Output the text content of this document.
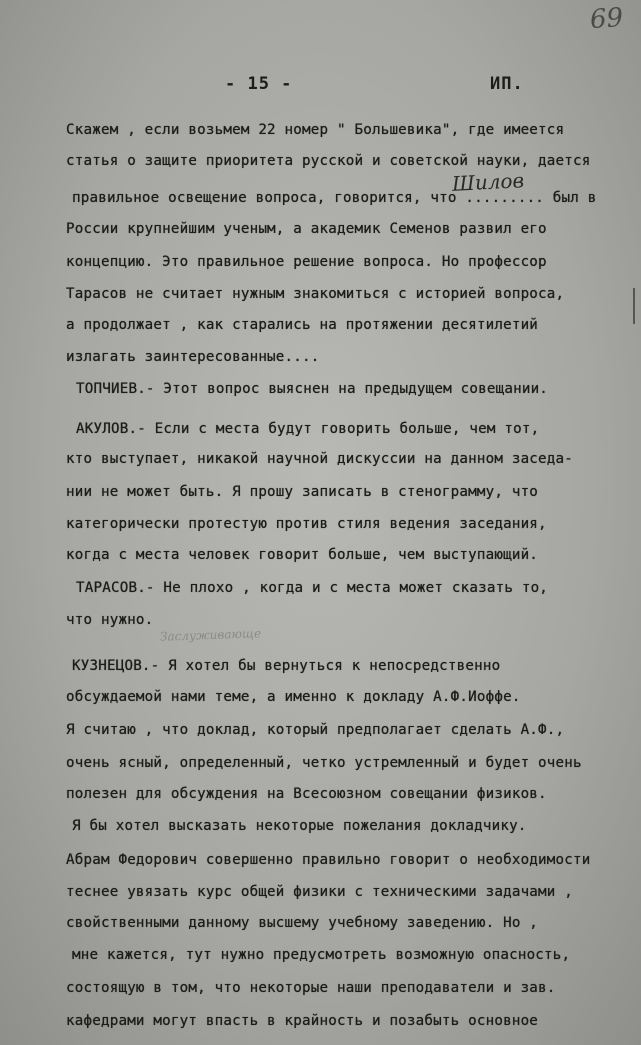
69
- 15 -	ИП.
Шилов
Заслуживающе
Скажем , если возьмем 22 номер " Большевика", где имеется
статья о защите приоритета русской и советской науки, дается
правильное освещение вопроса, говорится, что ......... был в
России крупнейшим ученым, а академик Семенов развил его
концепцию. Это правильное решение вопроса. Но профессор
Тарасов не считает нужным знакомиться с историей вопроса,
а продолжает , как старались на протяжении десятилетий
излагать заинтересованные....
ТОПЧИЕВ.- Этот вопрос выяснен на предыдущем совещании.
АКУЛОВ.- Если с места будут говорить больше, чем тот,
кто выступает, никакой научной дискуссии на данном заседа-
нии не может быть. Я прошу записать в стенограмму, что
категорически протестую против стиля ведения заседания,
когда с места человек говорит больше, чем выступающий.
ТАРАСОВ.- Не плохо , когда и с места может сказать то,
что нужно.
КУЗНЕЦОВ.- Я хотел бы вернуться к непосредственно
обсуждаемой нами теме, а именно к докладу А.Ф.Иоффе.
Я считаю , что доклад, который предполагает сделать А.Ф.,
очень ясный, определенный, четко устремленный и будет очень
полезен для обсуждения на Всесоюзном совещании физиков.
Я бы хотел высказать некоторые пожелания докладчику.
Абрам Федорович совершенно правильно говорит о необходимости
теснее увязать курс общей физики с техническими задачами ,
свойственными данному высшему учебному заведению. Но ,
мне кажется, тут нужно предусмотреть возможную опасность,
состоящую в том, что некоторые наши преподаватели и зав.
кафедрами могут впасть в крайность и позабыть основное
